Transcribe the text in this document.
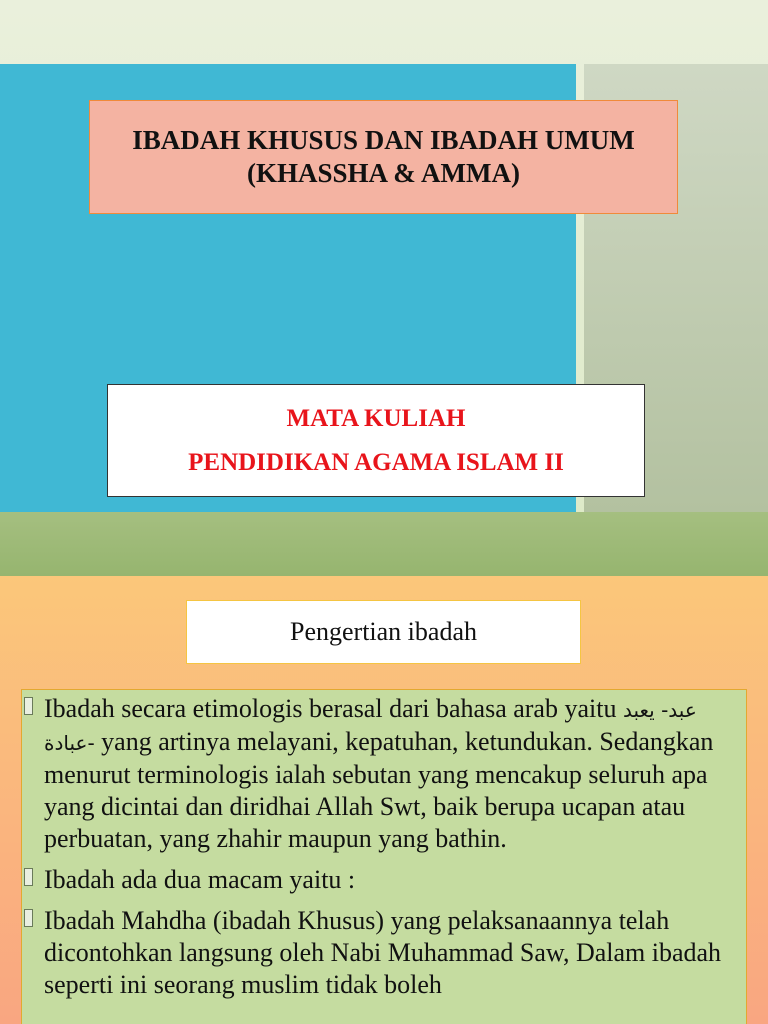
IBADAH KHUSUS DAN IBADAH UMUM
(KHASSHA & AMMA)
MATA KULIAH
PENDIDIKAN AGAMA ISLAM II
Pengertian ibadah
Ibadah secara etimologis berasal dari bahasa arab yaitu عبد- يعبد -عبادة yang artinya melayani, kepatuhan, ketundukan. Sedangkan menurut terminologis ialah sebutan yang mencakup seluruh apa yang dicintai dan diridhai Allah Swt, baik berupa ucapan atau perbuatan, yang zhahir maupun yang bathin.
Ibadah ada dua macam yaitu :
Ibadah Mahdha (ibadah Khusus) yang pelaksanaannya telah dicontohkan langsung oleh Nabi Muhammad Saw, Dalam ibadah seperti ini seorang muslim tidak boleh
